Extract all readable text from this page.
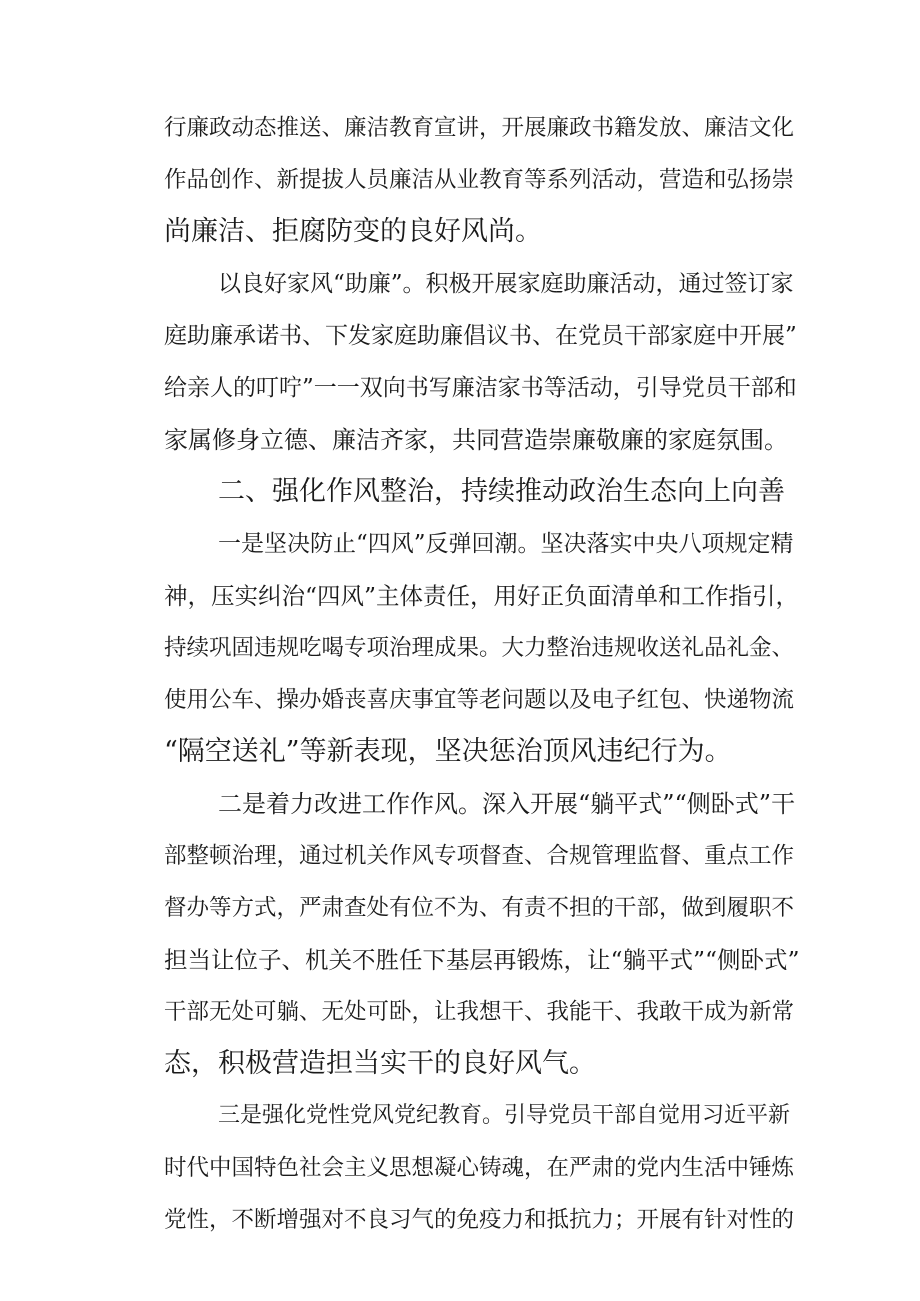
行廉政动态推送、廉洁教育宣讲，开展廉政书籍发放、廉洁文化
作品创作、新提拔人员廉洁从业教育等系列活动，营造和弘扬崇
尚廉洁、拒腐防变的良好风尚。
以良好家风“助廉”。积极开展家庭助廉活动，通过签订家
庭助廉承诺书、下发家庭助廉倡议书、在党员干部家庭中开展”
给亲人的叮咛”一一双向书写廉洁家书等活动，引导党员干部和
家属修身立德、廉洁齐家，共同营造崇廉敬廉的家庭氛围。
二、强化作风整治，持续推动政治生态向上向善
一是坚决防止“四风”反弹回潮。坚决落实中央八项规定精
神，压实纠治“四风”主体责任，用好正负面清单和工作指引，
持续巩固违规吃喝专项治理成果。大力整治违规收送礼品礼金、
使用公车、操办婚丧喜庆事宜等老问题以及电子红包、快递物流
“隔空送礼”等新表现，坚决惩治顶风违纪行为。
二是着力改进工作作风。深入开展“躺平式”“侧卧式”干
部整顿治理，通过机关作风专项督查、合规管理监督、重点工作
督办等方式，严肃查处有位不为、有责不担的干部，做到履职不
担当让位子、机关不胜任下基层再锻炼，让“躺平式”“侧卧式”
干部无处可躺、无处可卧，让我想干、我能干、我敢干成为新常
态，积极营造担当实干的良好风气。
三是强化党性党风党纪教育。引导党员干部自觉用习近平新
时代中国特色社会主义思想凝心铸魂，在严肃的党内生活中锤炼
党性，不断增强对不良习气的免疫力和抵抗力；开展有针对性的
